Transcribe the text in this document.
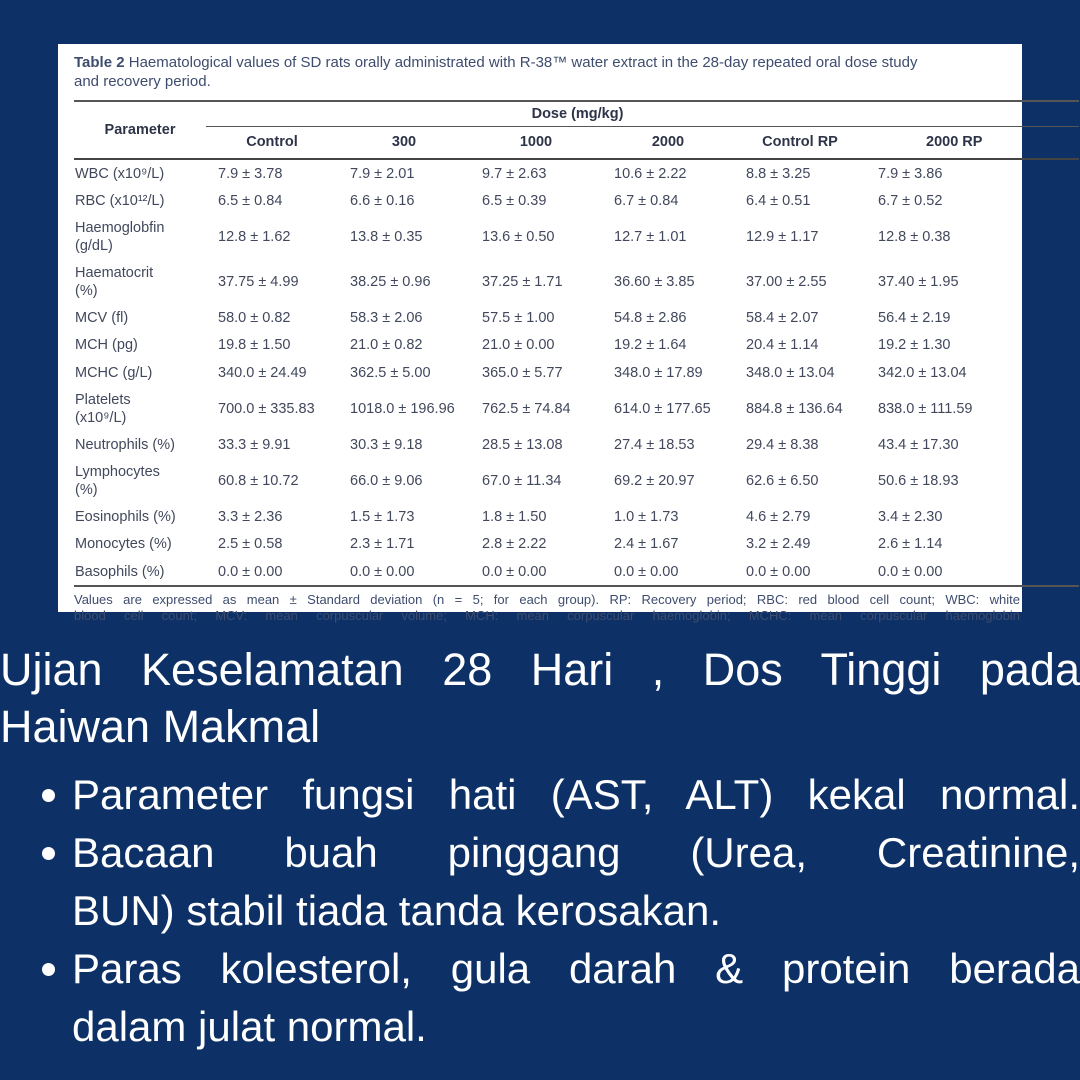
Table 2 Haematological values of SD rats orally administrated with R-38™ water extract in the 28-day repeated oral dose study
and recovery period.
Parameter	Dose (mg/kg)					
	Control	300	1000	2000	Control RP	2000 RP
WBC (x10⁹/L)	7.9 ± 3.78	7.9 ± 2.01	9.7 ± 2.63	10.6 ± 2.22	8.8 ± 3.25	7.9 ± 3.86
RBC (x10¹²/L)	6.5 ± 0.84	6.6 ± 0.16	6.5 ± 0.39	6.7 ± 0.84	6.4 ± 0.51	6.7 ± 0.52
Haemoglobfin (g/dL)	12.8 ± 1.62	13.8 ± 0.35	13.6 ± 0.50	12.7 ± 1.01	12.9 ± 1.17	12.8 ± 0.38
Haematocrit (%)	37.75 ± 4.99	38.25 ± 0.96	37.25 ± 1.71	36.60 ± 3.85	37.00 ± 2.55	37.40 ± 1.95
MCV (fl)	58.0 ± 0.82	58.3 ± 2.06	57.5 ± 1.00	54.8 ± 2.86	58.4 ± 2.07	56.4 ± 2.19
MCH (pg)	19.8 ± 1.50	21.0 ± 0.82	21.0 ± 0.00	19.2 ± 1.64	20.4 ± 1.14	19.2 ± 1.30
MCHC (g/L)	340.0 ± 24.49	362.5 ± 5.00	365.0 ± 5.77	348.0 ± 17.89	348.0 ± 13.04	342.0 ± 13.04
Platelets (x10⁹/L)	700.0 ± 335.83	1018.0 ± 196.96	762.5 ± 74.84	614.0 ± 177.65	884.8 ± 136.64	838.0 ± 111.59
Neutrophils (%)	33.3 ± 9.91	30.3 ± 9.18	28.5 ± 13.08	27.4 ± 18.53	29.4 ± 8.38	43.4 ± 17.30
Lymphocytes (%)	60.8 ± 10.72	66.0 ± 9.06	67.0 ± 11.34	69.2 ± 20.97	62.6 ± 6.50	50.6 ± 18.93
Eosinophils (%)	3.3 ± 2.36	1.5 ± 1.73	1.8 ± 1.50	1.0 ± 1.73	4.6 ± 2.79	3.4 ± 2.30
Monocytes (%)	2.5 ± 0.58	2.3 ± 1.71	2.8 ± 2.22	2.4 ± 1.67	3.2 ± 2.49	2.6 ± 1.14
Basophils (%)	0.0 ± 0.00	0.0 ± 0.00	0.0 ± 0.00	0.0 ± 0.00	0.0 ± 0.00	0.0 ± 0.00
Values are expressed as mean ± Standard deviation (n = 5; for each group). RP: Recovery period; RBC: red blood cell count; WBC: white
blood cell count; MCV: mean corpuscular volume; MCH: mean corpuscular haemoglobin; MCHC: mean corpuscular haemoglobin
Ujian Keselamatan 28 Hari , Dos Tinggi pada
Haiwan Makmal
Parameter fungsi hati (AST, ALT) kekal normal.
Bacaan buah pinggang (Urea, Creatinine,
BUN) stabil tiada tanda kerosakan.
Paras kolesterol, gula darah & protein berada
dalam julat normal.
